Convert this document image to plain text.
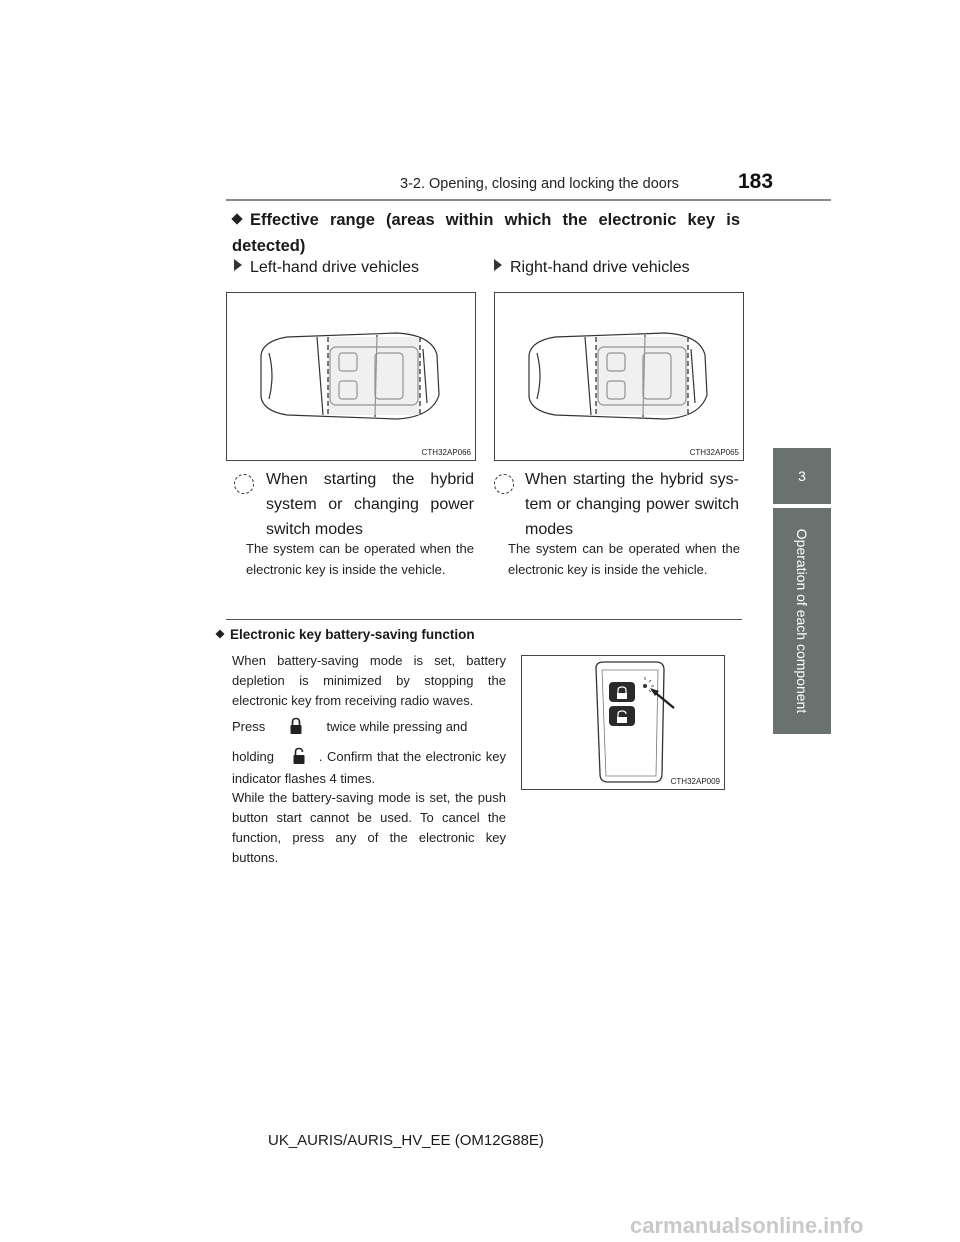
3-2. Opening, closing and locking the doors	183
3
Operation of each component
Effective range (areas within which the electronic key is detected)
Left-hand drive vehicles	Right-hand drive vehicles
CTH32AP066	CTH32AP065
When starting the hybrid system or changing power switch modes
The system can be operated when the electronic key is inside the vehicle.
When starting the hybrid sys-tem or changing power switch modes
The system can be operated when the electronic key is inside the vehicle.
Electronic key battery-saving function
When battery-saving mode is set, battery depletion is minimized by stopping the electronic key from receiving radio waves.
Press	twice while pressing and
holding	. Confirm that the electronic key indicator flashes 4 times.
While the battery-saving mode is set, the push button start cannot be used. To cancel the function, press any of the electronic key buttons.
CTH32AP009
UK_AURIS/AURIS_HV_EE (OM12G88E)
carmanualsonline.info
